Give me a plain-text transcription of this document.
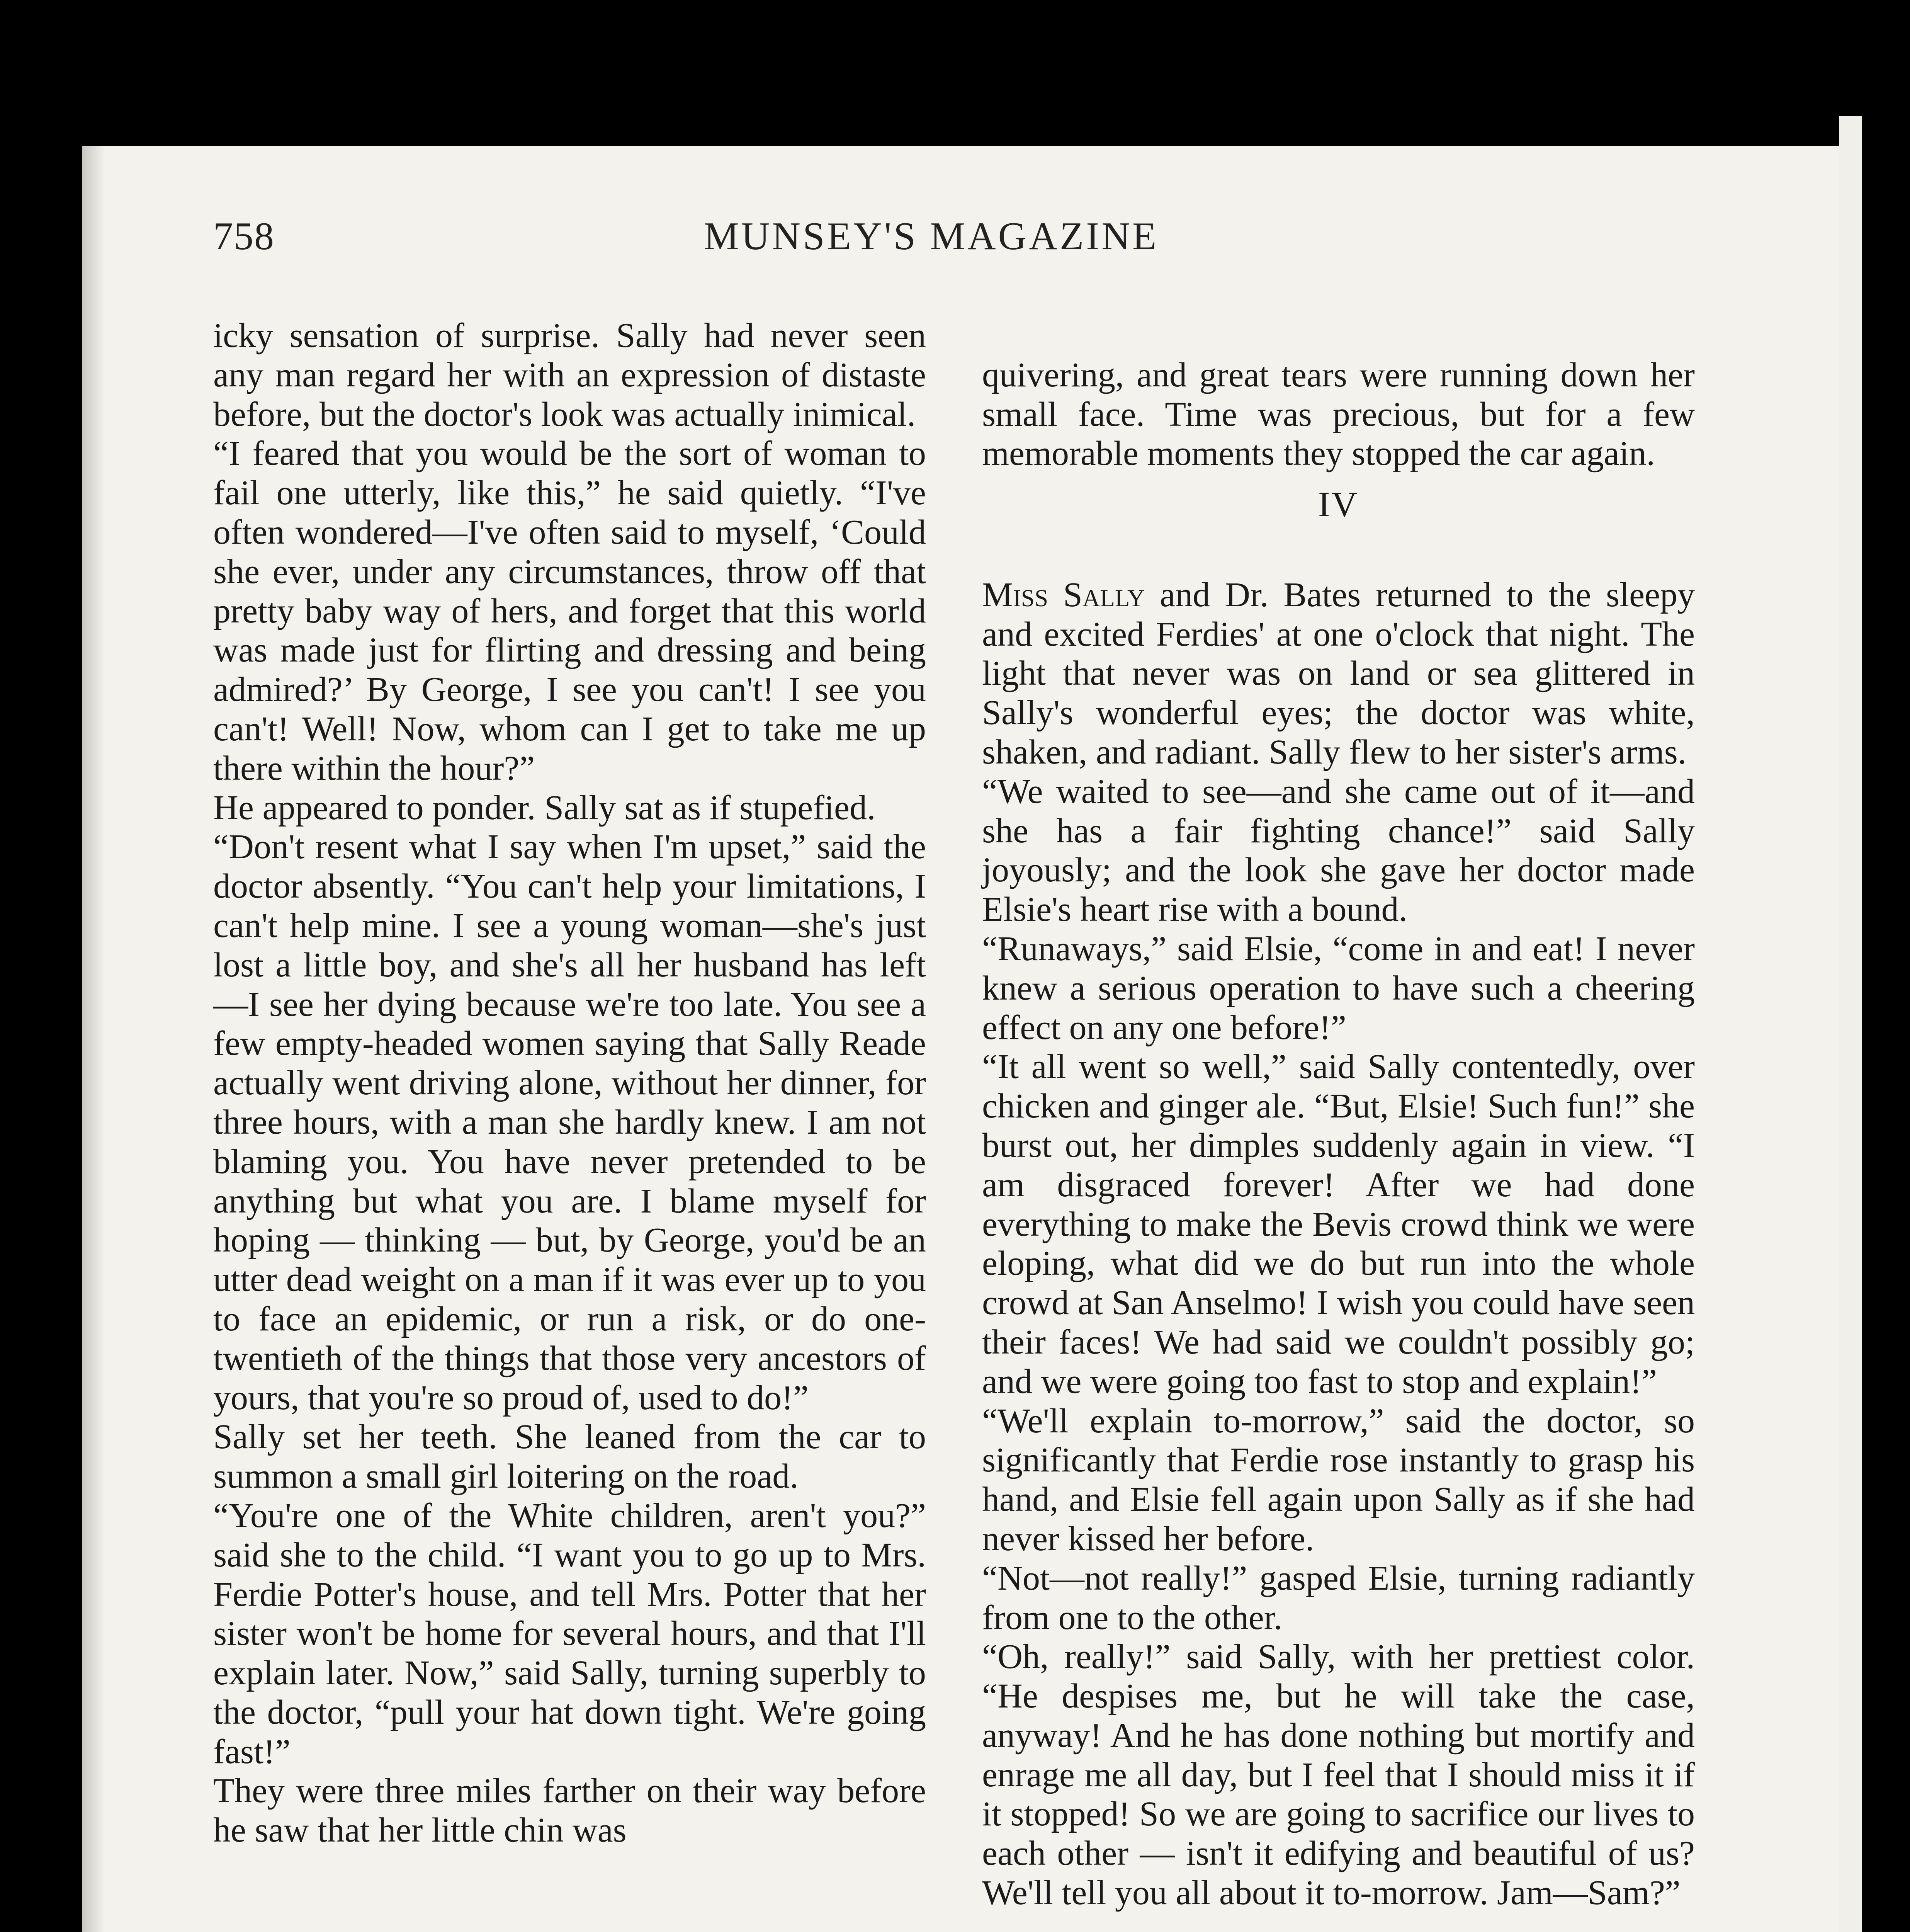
758	MUNSEY'S MAGAZINE
icky sensation of surprise. Sally had never seen any man regard her with an expression of distaste before, but the doctor's look was actually inimical.
“I feared that you would be the sort of woman to fail one utterly, like this,” he said quietly. “I've often wondered—I've often said to myself, ‘Could she ever, under any circumstances, throw off that pretty baby way of hers, and forget that this world was made just for flirting and dressing and being admired?’ By George, I see you can't! I see you can't! Well! Now, whom can I get to take me up there within the hour?”
He appeared to ponder. Sally sat as if stupefied.
“Don't resent what I say when I'm upset,” said the doctor absently. “You can't help your limitations, I can't help mine. I see a young woman—she's just lost a little boy, and she's all her husband has left—I see her dying because we're too late. You see a few empty-headed women saying that Sally Reade actually went driving alone, without her dinner, for three hours, with a man she hardly knew. I am not blaming you. You have never pretended to be anything but what you are. I blame myself for hoping — thinking — but, by George, you'd be an utter dead weight on a man if it was ever up to you to face an epidemic, or run a risk, or do one-twentieth of the things that those very ancestors of yours, that you're so proud of, used to do!”
Sally set her teeth. She leaned from the car to summon a small girl loitering on the road.
“You're one of the White children, aren't you?” said she to the child. “I want you to go up to Mrs. Ferdie Potter's house, and tell Mrs. Potter that her sister won't be home for several hours, and that I'll explain later. Now,” said Sally, turning superbly to the doctor, “pull your hat down tight. We're going fast!”
They were three miles farther on their way before he saw that her little chin was

quivering, and great tears were running down her small face. Time was precious, but for a few memorable moments they stopped the car again.

IV

Miss Sally and Dr. Bates returned to the sleepy and excited Ferdies' at one o'clock that night. The light that never was on land or sea glittered in Sally's wonderful eyes; the doctor was white, shaken, and radiant. Sally flew to her sister's arms.
“We waited to see—and she came out of it—and she has a fair fighting chance!” said Sally joyously; and the look she gave her doctor made Elsie's heart rise with a bound.
“Runaways,” said Elsie, “come in and eat! I never knew a serious operation to have such a cheering effect on any one before!”
“It all went so well,” said Sally contentedly, over chicken and ginger ale. “But, Elsie! Such fun!” she burst out, her dimples suddenly again in view. “I am disgraced forever! After we had done everything to make the Bevis crowd think we were eloping, what did we do but run into the whole crowd at San Anselmo! I wish you could have seen their faces! We had said we couldn't possibly go; and we were going too fast to stop and explain!”
“We'll explain to-morrow,” said the doctor, so significantly that Ferdie rose instantly to grasp his hand, and Elsie fell again upon Sally as if she had never kissed her before.
“Not—not really!” gasped Elsie, turning radiantly from one to the other.
“Oh, really!” said Sally, with her prettiest color. “He despises me, but he will take the case, anyway! And he has done nothing but mortify and enrage me all day, but I feel that I should miss it if it stopped! So we are going to sacrifice our lives to each other — isn't it edifying and beautiful of us? We'll tell you all about it to-morrow. Jam—Sam?”
